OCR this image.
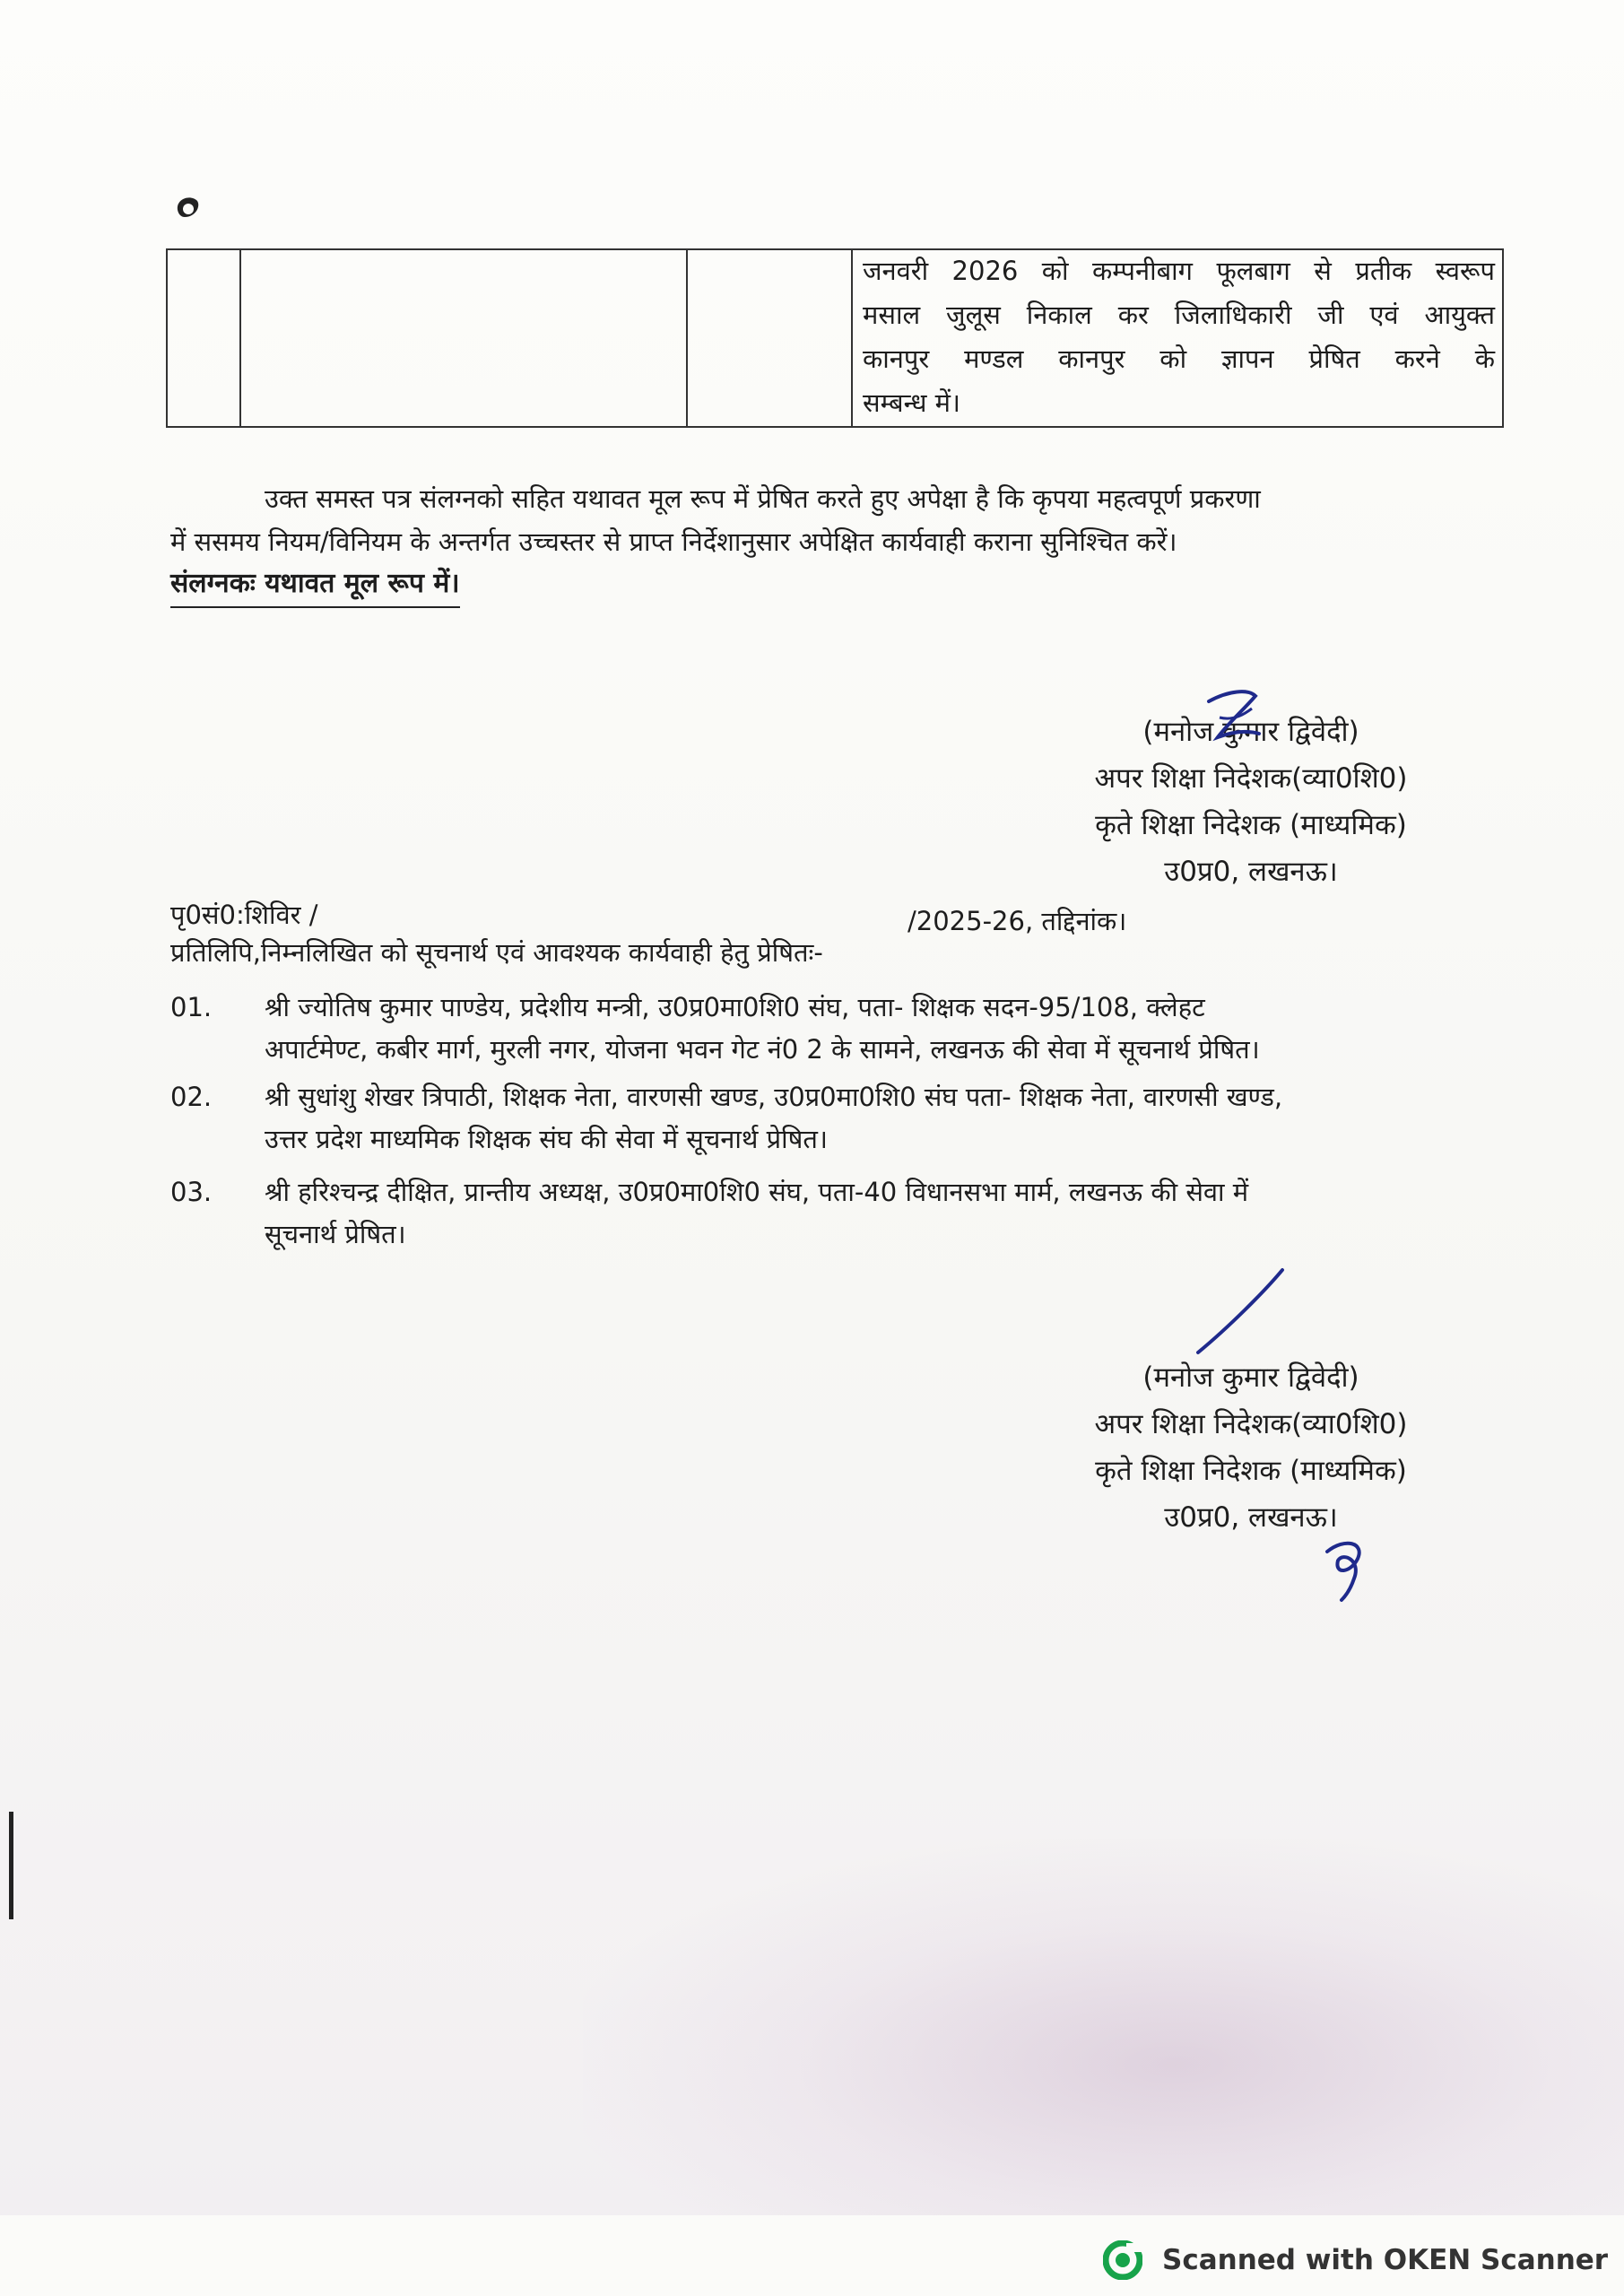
जनवरी 2026 को कम्पनीबाग फूलबाग से प्रतीक स्वरूप
मसाल जुलूस निकाल कर जिलाधिकारी जी एवं आयुक्त
कानपुर मण्डल कानपुर को ज्ञापन प्रेषित करने के
सम्बन्ध में।
उक्त समस्त पत्र संलग्नको सहित यथावत मूल रूप में प्रेषित करते हुए अपेक्षा है कि कृपया महत्वपूर्ण प्रकरणा
में ससमय नियम/विनियम के अन्तर्गत उच्चस्तर से प्राप्त निर्देशानुसार अपेक्षित कार्यवाही कराना सुनिश्चित करें।
संलग्नकः यथावत मूल रूप में।
(मनोज कुमार द्विवेदी)
अपर शिक्षा निदेशक(व्या0शि0)
कृते शिक्षा निदेशक (माध्यमिक)
उ0प्र0, लखनऊ।
पृ0सं0:शिविर /	/2025-26, तद्दिनांक।
प्रतिलिपि,निम्नलिखित को सूचनार्थ एवं आवश्यक कार्यवाही हेतु प्रेषितः-
01. श्री ज्योतिष कुमार पाण्डेय, प्रदेशीय मन्त्री, उ0प्र0मा0शि0 संघ, पता- शिक्षक सदन-95/108, क्लेहट
अपार्टमेण्ट, कबीर मार्ग, मुरली नगर, योजना भवन गेट नं0 2 के सामने, लखनऊ की सेवा में सूचनार्थ प्रेषित।
02. श्री सुधांशु शेखर त्रिपाठी, शिक्षक नेता, वारणसी खण्ड, उ0प्र0मा0शि0 संघ पता- शिक्षक नेता, वारणसी खण्ड,
उत्तर प्रदेश माध्यमिक शिक्षक संघ की सेवा में सूचनार्थ प्रेषित।
03. श्री हरिश्चन्द्र दीक्षित, प्रान्तीय अध्यक्ष, उ0प्र0मा0शि0 संघ, पता-40 विधानसभा मार्म, लखनऊ की सेवा में
सूचनार्थ प्रेषित।
(मनोज कुमार द्विवेदी)
अपर शिक्षा निदेशक(व्या0शि0)
कृते शिक्षा निदेशक (माध्यमिक)
उ0प्र0, लखनऊ।
Scanned with OKEN Scanner
